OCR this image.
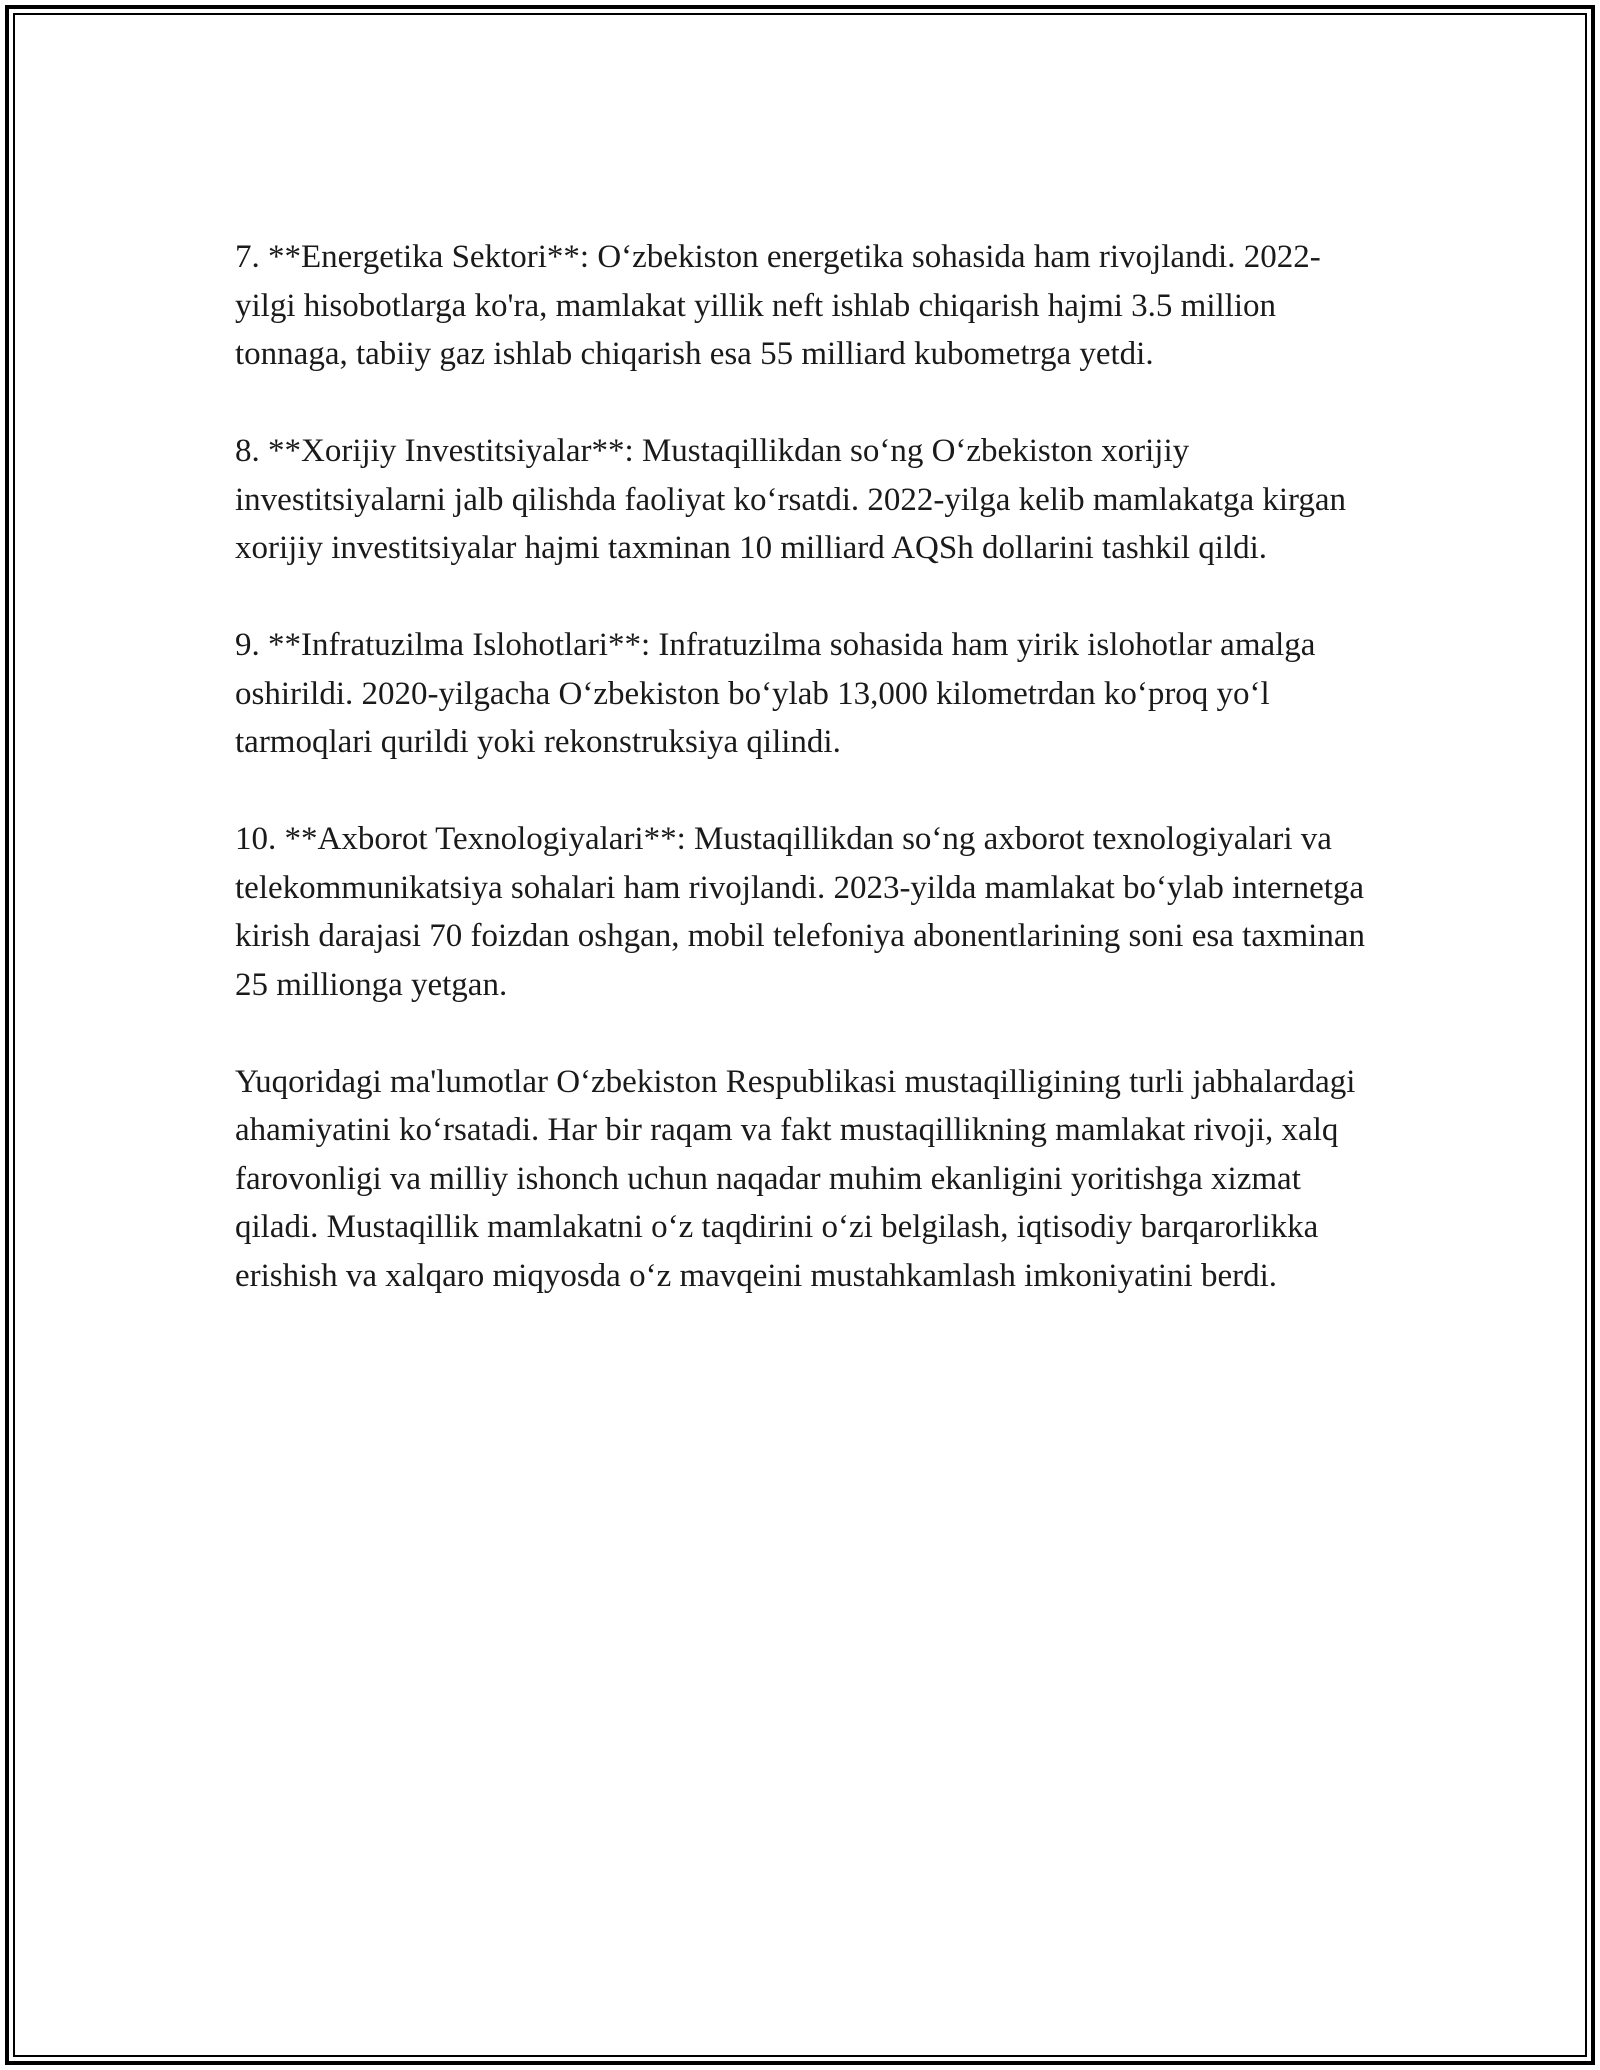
7. **Energetika Sektori**: O‘zbekiston energetika sohasida ham rivojlandi. 2022-yilgi hisobotlarga ko'ra, mamlakat yillik neft ishlab chiqarish hajmi 3.5 million tonnaga, tabiiy gaz ishlab chiqarish esa 55 milliard kubometrga yetdi.

8. **Xorijiy Investitsiyalar**: Mustaqillikdan so‘ng O‘zbekiston xorijiy investitsiyalarni jalb qilishda faoliyat ko‘rsatdi. 2022-yilga kelib mamlakatga kirgan xorijiy investitsiyalar hajmi taxminan 10 milliard AQSh dollarini tashkil qildi.

9. **Infratuzilma Islohotlari**: Infratuzilma sohasida ham yirik islohotlar amalga oshirildi. 2020-yilgacha O‘zbekiston bo‘ylab 13,000 kilometrdan ko‘proq yo‘l tarmoqlari qurildi yoki rekonstruksiya qilindi.

10. **Axborot Texnologiyalari**: Mustaqillikdan so‘ng axborot texnologiyalari va telekommunikatsiya sohalari ham rivojlandi. 2023-yilda mamlakat bo‘ylab internetga kirish darajasi 70 foizdan oshgan, mobil telefoniya abonentlarining soni esa taxminan 25 millionga yetgan.

Yuqoridagi ma'lumotlar O‘zbekiston Respublikasi mustaqilligining turli jabhalardagi ahamiyatini ko‘rsatadi. Har bir raqam va fakt mustaqillikning mamlakat rivoji, xalq farovonligi va milliy ishonch uchun naqadar muhim ekanligini yoritishga xizmat qiladi. Mustaqillik mamlakatni o‘z taqdirini o‘zi belgilash, iqtisodiy barqarorlikka erishish va xalqaro miqyosda o‘z mavqeini mustahkamlash imkoniyatini berdi.
